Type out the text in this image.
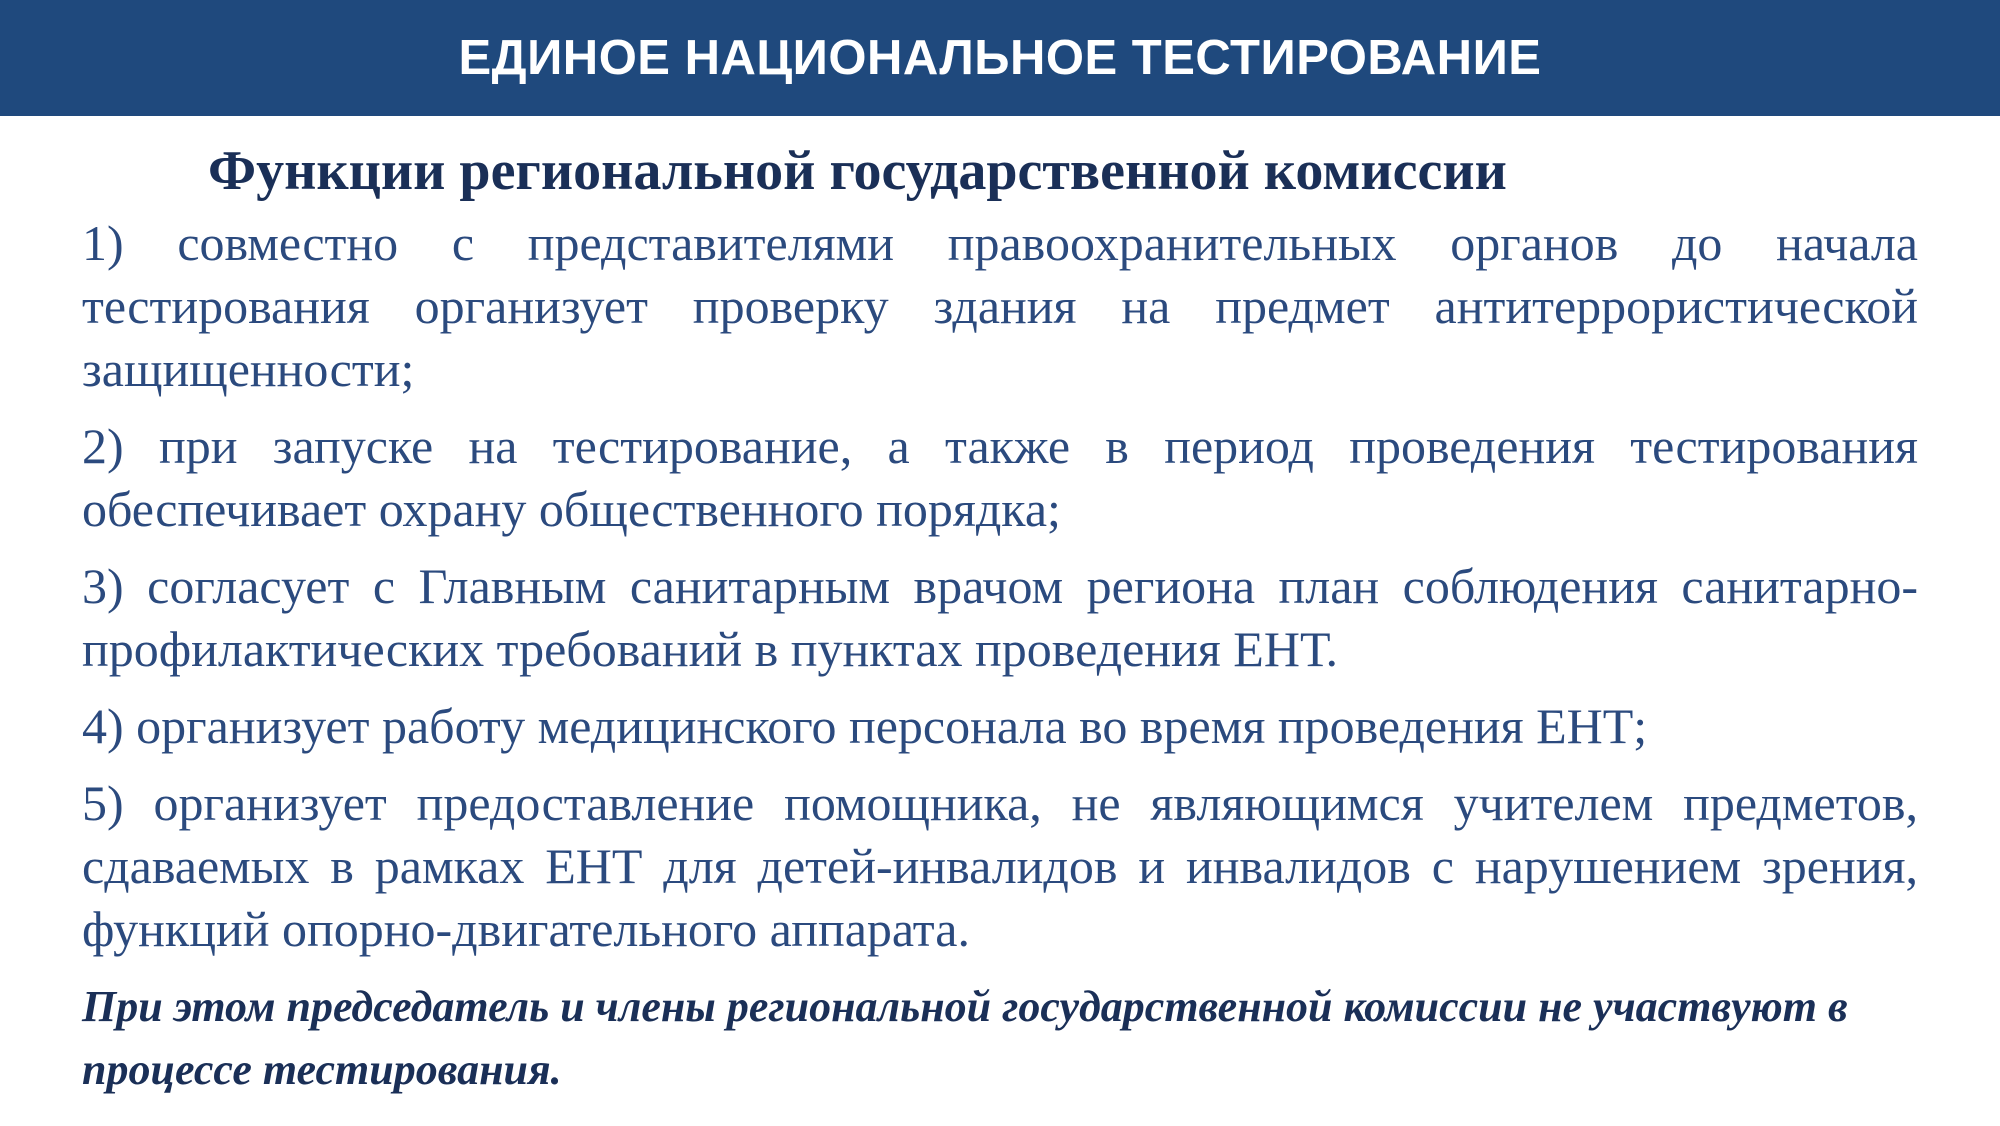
ЕДИНОЕ НАЦИОНАЛЬНОЕ ТЕСТИРОВАНИЕ
Функции региональной государственной комиссии

1) совместно с представителями правоохранительных органов до начала тестирования организует проверку здания на предмет антитеррористической защищенности;

2) при запуске на тестирование, а также в период проведения тестирования обеспечивает охрану общественного порядка;

3) согласует с Главным санитарным врачом региона план соблюдения санитарно-профилактических требований в пунктах проведения ЕНТ.

4) организует работу медицинского персонала во время проведения ЕНТ;

5) организует предоставление помощника, не являющимся учителем предметов, сдаваемых в рамках ЕНТ для детей-инвалидов и инвалидов с нарушением зрения, функций опорно-двигательного аппарата.

При этом председатель и члены региональной государственной комиссии не участвуют в процессе тестирования.
